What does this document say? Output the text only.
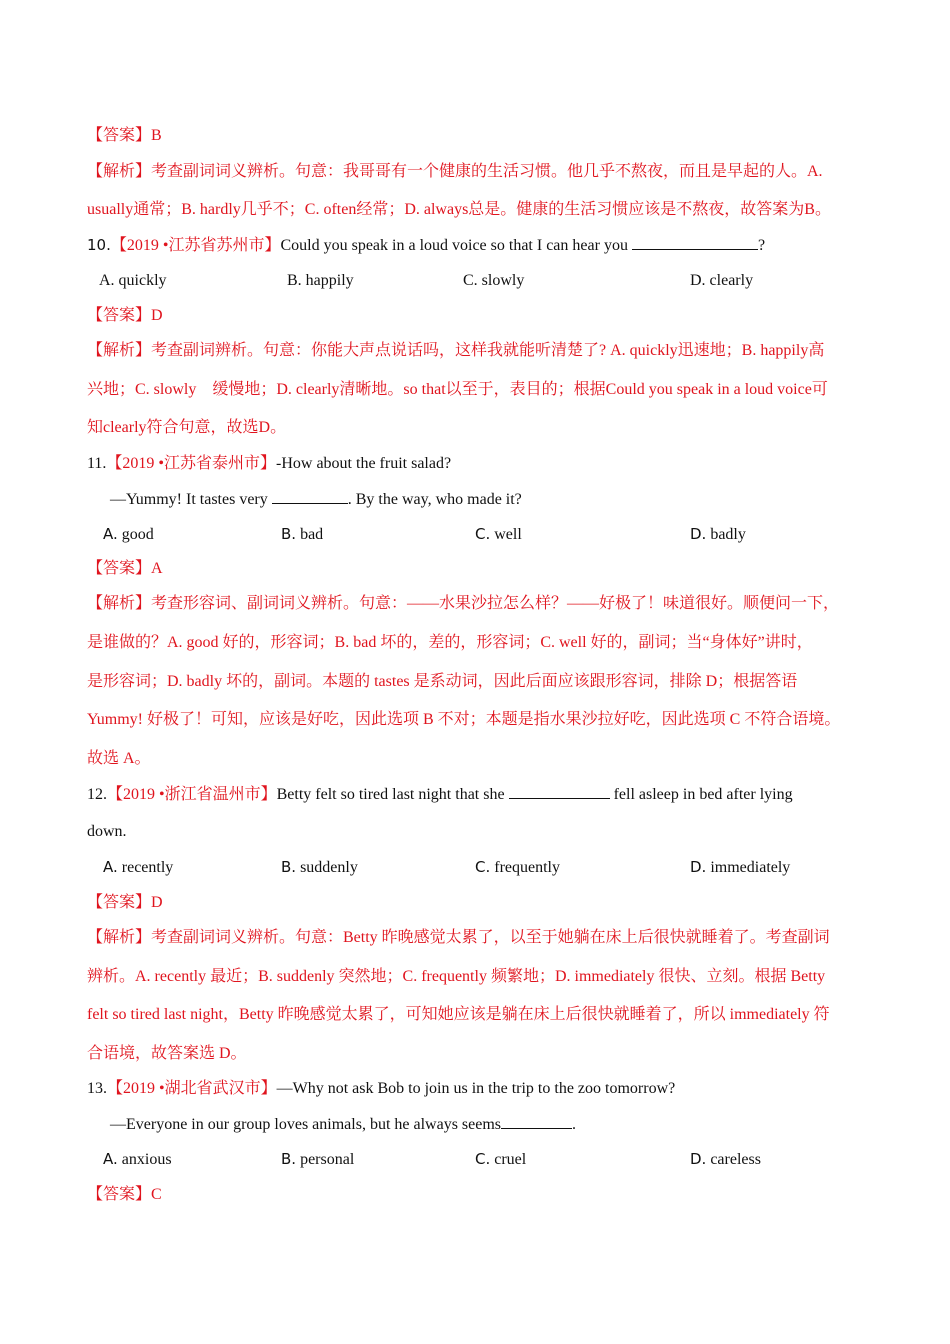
【答案】B
【解析】考查副词词义辨析。句意：我哥哥有一个健康的生活习惯。他几乎不熬夜，而且是早起的人。A.
usually通常；B. hardly几乎不；C. often经常；D. always总是。健康的生活习惯应该是不熬夜，故答案为B。
10.【2019 •江苏省苏州市】Could you speak in a loud voice so that I can hear you	?
A. quickly	B. happily	C. slowly	D. clearly
【答案】D
【解析】考查副词辨析。句意：你能大声点说话吗，这样我就能听清楚了? A. quickly迅速地；B. happily高
兴地；C. slowly　缓慢地；D. clearly清晰地。so that以至于，表目的；根据Could you speak in a loud voice可
知clearly符合句意，故选D。
11.【2019 •江苏省泰州市】-How about the fruit salad?
—Yummy! It tastes very	. By the way, who made it?
A. good	B. bad	C. well	D. badly
【答案】A
【解析】考查形容词、副词词义辨析。句意：——水果沙拉怎么样？——好极了！味道很好。顺便问一下，
是谁做的？A. good 好的，形容词；B. bad 坏的，差的，形容词；C. well 好的，副词；当“身体好”讲时，
是形容词；D. badly 坏的，副词。本题的 tastes 是系动词，因此后面应该跟形容词，排除 D；根据答语
Yummy! 好极了！可知，应该是好吃，因此选项 B 不对；本题是指水果沙拉好吃，因此选项 C 不符合语境。
故选 A。
12.【2019 •浙江省温州市】Betty felt so tired last night that she	fell asleep in bed after lying
down.
A. recently	B. suddenly	C. frequently	D. immediately
【答案】D
【解析】考查副词词义辨析。句意：Betty 昨晚感觉太累了，以至于她躺在床上后很快就睡着了。考查副词
辨析。A. recently 最近；B. suddenly 突然地；C. frequently 频繁地；D. immediately 很快、立刻。根据 Betty
felt so tired last night，Betty 昨晚感觉太累了，可知她应该是躺在床上后很快就睡着了，所以 immediately 符
合语境，故答案选 D。
13.【2019 •湖北省武汉市】—Why not ask Bob to join us in the trip to the zoo tomorrow?
—Everyone in our group loves animals, but he always seems	.
A. anxious	B. personal	C. cruel	D. careless
【答案】C
